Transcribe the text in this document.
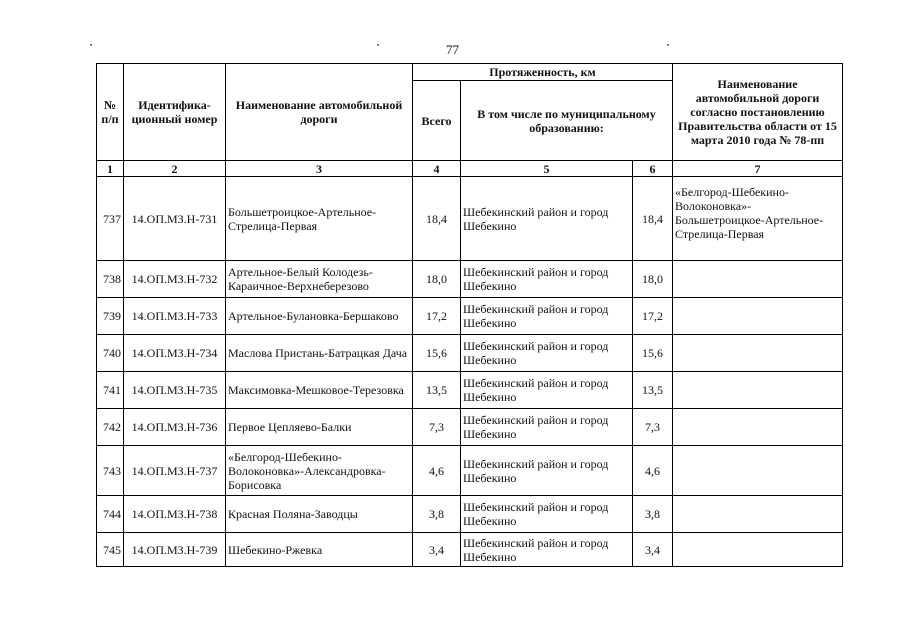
77
№ п/п	Идентифика-ционный номер	Наименование автомобильной дороги	Протяженность, км			Наименование автомобильной дороги согласно постановлению Правительства области от 15 марта 2010 года № 78-пп
			Всего	В том числе по муниципальному образованию:		
1	2	3	4	5	6	7
737	14.ОП.МЗ.Н-731	Большетроицкое-Артельное-Стрелица-Первая	18,4	Шебекинский район и город Шебекино	18,4	«Белгород-Шебекино-Волоконовка»-Большетроицкое-Артельное-Стрелица-Первая
738	14.ОП.МЗ.Н-732	Артельное-Белый Колодезь-Караичное-Верхнеберезово	18,0	Шебекинский район и город Шебекино	18,0	
739	14.ОП.МЗ.Н-733	Артельное-Булановка-Бершаково	17,2	Шебекинский район и город Шебекино	17,2	
740	14.ОП.МЗ.Н-734	Маслова Пристань-Батрацкая Дача	15,6	Шебекинский район и город Шебекино	15,6	
741	14.ОП.МЗ.Н-735	Максимовка-Мешковое-Терезовка	13,5	Шебекинский район и город Шебекино	13,5	
742	14.ОП.МЗ.Н-736	Первое Цепляево-Балки	7,3	Шебекинский район и город Шебекино	7,3	
743	14.ОП.МЗ.Н-737	«Белгород-Шебекино-Волоконовка»-Александровка-Борисовка	4,6	Шебекинский район и город Шебекино	4,6	
744	14.ОП.МЗ.Н-738	Красная Поляна-Заводцы	3,8	Шебекинский район и город Шебекино	3,8	
745	14.ОП.МЗ.Н-739	Шебекино-Ржевка	3,4	Шебекинский район и город Шебекино	3,4	
